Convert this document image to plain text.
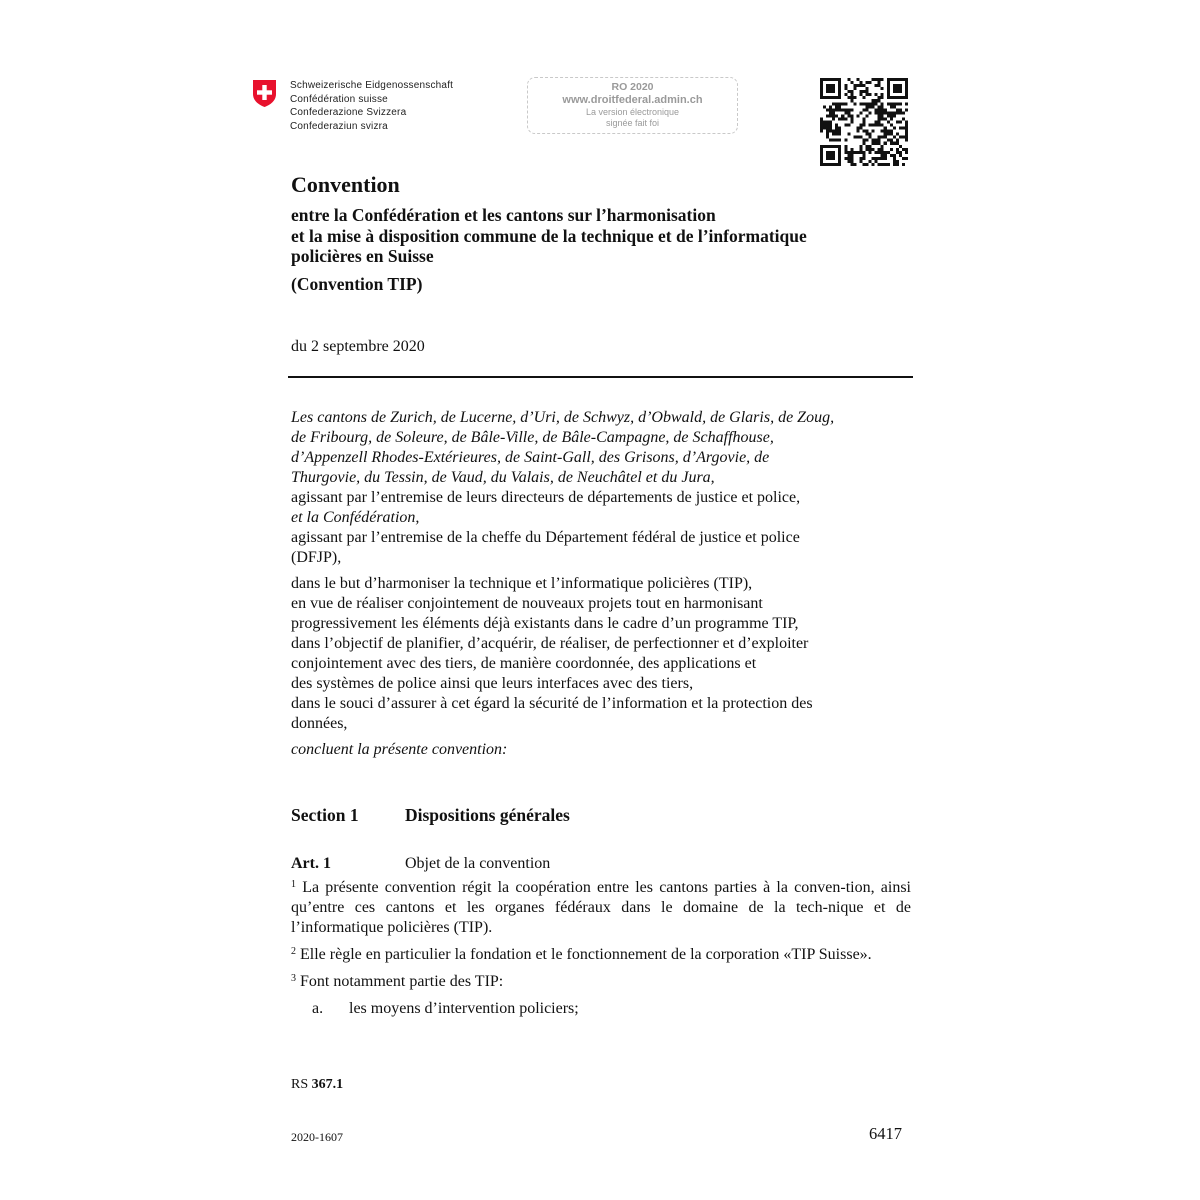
Schweizerische Eidgenossenschaft
Confédération suisse
Confederazione Svizzera
Confederaziun svizra
RO 2020
www.droitfederal.admin.ch
La version électronique
signée fait foi
Convention
entre la Confédération et les cantons sur l’harmonisation
et la mise à disposition commune de la technique et de l’informatique
policières en Suisse
(Convention TIP)
du 2 septembre 2020

Les cantons de Zurich, de Lucerne, d’Uri, de Schwyz, d’Obwald, de Glaris, de Zoug,

de Fribourg, de Soleure, de Bâle-Ville, de Bâle-Campagne, de Schaffhouse,

d’Appenzell Rhodes-Extérieures, de Saint-Gall, des Grisons, d’Argovie, de

Thurgovie, du Tessin, de Vaud, du Valais, de Neuchâtel et du Jura,

agissant par l’entremise de leurs directeurs de départements de justice et police,

et la Confédération,

agissant par l’entremise de la cheffe du Département fédéral de justice et police

(DFJP),

dans le but d’harmoniser la technique et l’informatique policières (TIP),

en vue de réaliser conjointement de nouveaux projets tout en harmonisant

progressivement les éléments déjà existants dans le cadre d’un programme TIP,

dans l’objectif de planifier, d’acquérir, de réaliser, de perfectionner et d’exploiter

conjointement avec des tiers, de manière coordonnée, des applications et

des systèmes de police ainsi que leurs interfaces avec des tiers,

dans le souci d’assurer à cet égard la sécurité de l’information et la protection des

données,

concluent la présente convention:

Section 1	Dispositions générales
Art. 1	Objet de la convention

$^1$ La présente convention régit la coopération entre les cantons parties à la conven-tion, ainsi qu’entre ces cantons et les organes fédéraux dans le domaine de la tech-nique et de l’informatique policières (TIP).

$^2$ Elle règle en particulier la fondation et le fonctionnement de la corporation «TIP Suisse».

$^3$ Font notamment partie des TIP:

a.	les moyens d’intervention policiers;
RS 367.1
2020-1607	6417
